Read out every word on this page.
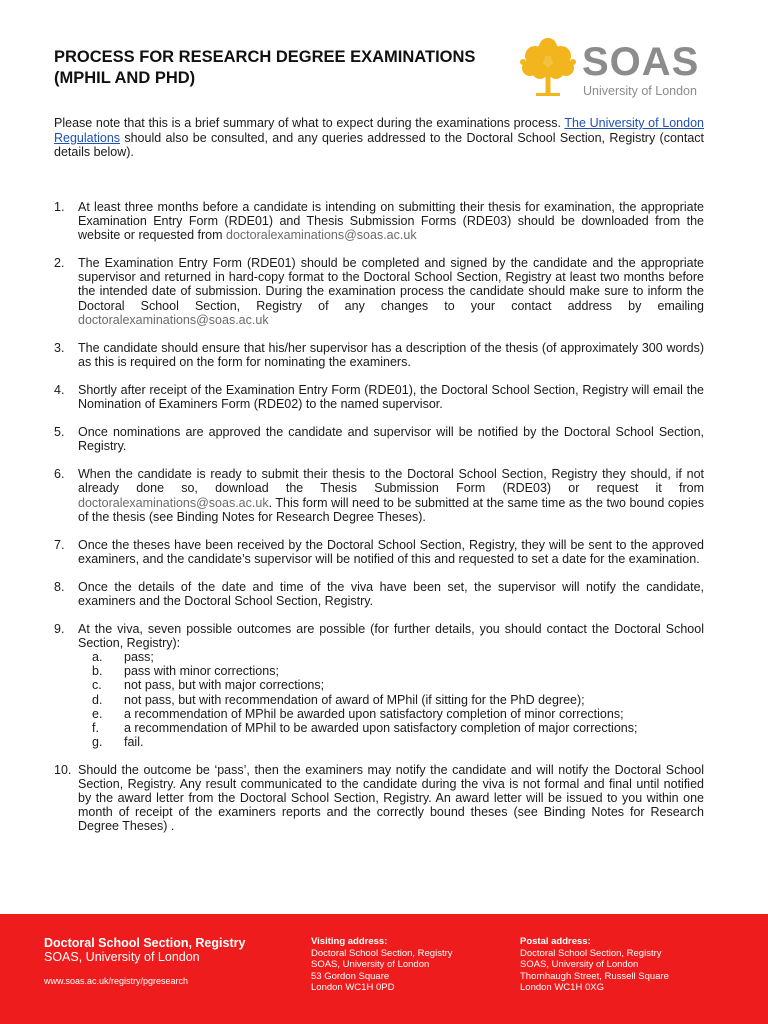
PROCESS FOR RESEARCH DEGREE EXAMINATIONS
(MPHIL AND PHD)	SOAS
University of London
Please note that this is a brief summary of what to expect during the examinations process. The University of London Regulations should also be consulted, and any queries addressed to the Doctoral School Section, Registry (contact details below).
1. At least three months before a candidate is intending on submitting their thesis for examination, the appropriate Examination Entry Form (RDE01) and Thesis Submission Forms (RDE03) should be downloaded from the website or requested from doctoralexaminations@soas.ac.uk
2. The Examination Entry Form (RDE01) should be completed and signed by the candidate and the appropriate supervisor and returned in hard-copy format to the Doctoral School Section, Registry at least two months before the intended date of submission. During the examination process the candidate should make sure to inform the Doctoral School Section, Registry of any changes to your contact address by emailing doctoralexaminations@soas.ac.uk
3. The candidate should ensure that his/her supervisor has a description of the thesis (of approximately 300 words) as this is required on the form for nominating the examiners.
4. Shortly after receipt of the Examination Entry Form (RDE01), the Doctoral School Section, Registry will email the Nomination of Examiners Form (RDE02) to the named supervisor.
5. Once nominations are approved the candidate and supervisor will be notified by the Doctoral School Section, Registry.
6. When the candidate is ready to submit their thesis to the Doctoral School Section, Registry they should, if not already done so, download the Thesis Submission Form (RDE03) or request it from doctoralexaminations@soas.ac.uk. This form will need to be submitted at the same time as the two bound copies of the thesis (see Binding Notes for Research Degree Theses).
7. Once the theses have been received by the Doctoral School Section, Registry, they will be sent to the approved examiners, and the candidate’s supervisor will be notified of this and requested to set a date for the examination.
8. Once the details of the date and time of the viva have been set, the supervisor will notify the candidate, examiners and the Doctoral School Section, Registry.
9. At the viva, seven possible outcomes are possible (for further details, you should contact the Doctoral School Section, Registry):
a. pass;
b. pass with minor corrections;
c. not pass, but with major corrections;
d. not pass, but with recommendation of award of MPhil (if sitting for the PhD degree);
e. a recommendation of MPhil be awarded upon satisfactory completion of minor corrections;
f. a recommendation of MPhil to be awarded upon satisfactory completion of major corrections;
g. fail.
10. Should the outcome be ‘pass’, then the examiners may notify the candidate and will notify the Doctoral School Section, Registry. Any result communicated to the candidate during the viva is not formal and final until notified by the award letter from the Doctoral School Section, Registry. An award letter will be issued to you within one month of receipt of the examiners reports and the correctly bound theses (see Binding Notes for Research Degree Theses) .
Doctoral School Section, Registry
SOAS, University of London
www.soas.ac.uk/registry/pgresearch
Visiting address:
Doctoral School Section, Registry
SOAS, University of London
53 Gordon Square
London WC1H 0PD
Postal address:
Doctoral School Section, Registry
SOAS, University of London
Thornhaugh Street, Russell Square
London WC1H 0XG
